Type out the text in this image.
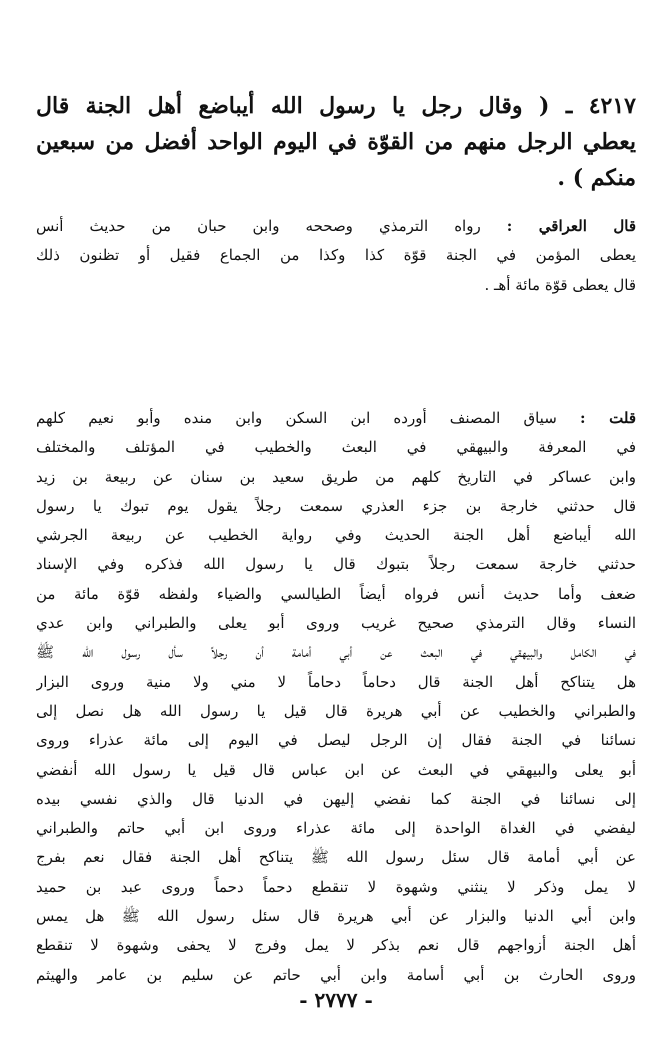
٤٢١٧ ـ ( وقال رجل يا رسول الله أيباضع أهل الجنة قال
يعطي الرجل منهم من القوّة في اليوم الواحد أفضل من سبعين
منكم ) .
قال العراقي : رواه الترمذي وصححه وابن حبان من حديث أنس
يعطى المؤمن في الجنة قوّة كذا وكذا من الجماع فقيل أو تظنون ذلك
قال يعطى قوّة مائة أهـ .
قلت : سياق المصنف أورده ابن السكن وابن منده وأبو نعيم كلهم
في المعرفة والبيهقي في البعث والخطيب في المؤتلف والمختلف
وابن عساكر في التاريخ كلهم من طريق سعيد بن سنان عن ربيعة بن زيد
قال حدثني خارجة بن جزء العذري سمعت رجلاً يقول يوم تبوك يا رسول
الله أيباضع أهل الجنة الحديث وفي رواية الخطيب عن ربيعة الجرشي
حدثني خارجة سمعت رجلاً بتبوك قال يا رسول الله فذكره وفي الإسناد
ضعف وأما حديث أنس فرواه أيضاً الطيالسي والضياء ولفظه قوّة مائة من
النساء وقال الترمذي صحيح غريب وروى أبو يعلى والطبراني وابن عدي
في الكامل والبيهقي في البعث عن أبي أمامة أن رجلاً سأل رسول الله ﷺ
هل يتناكح أهل الجنة قال دحاماً دحاماً لا مني ولا منية وروى البزار
والطبراني والخطيب عن أبي هريرة قال قيل يا رسول الله هل نصل إلى
نسائنا في الجنة فقال إن الرجل ليصل في اليوم إلى مائة عذراء وروى
أبو يعلى والبيهقي في البعث عن ابن عباس قال قيل يا رسول الله أنفضي
إلى نسائنا في الجنة كما نفضي إليهن في الدنيا قال والذي نفسي بيده
ليفضي في الغداة الواحدة إلى مائة عذراء وروى ابن أبي حاتم والطبراني
عن أبي أمامة قال سئل رسول الله ﷺ يتناكح أهل الجنة فقال نعم بفرج
لا يمل وذكر لا ينثني وشهوة لا تنقطع دحماً دحماً وروى عبد بن حميد
وابن أبي الدنيا والبزار عن أبي هريرة قال سئل رسول الله ﷺ هل يمس
أهل الجنة أزواجهم قال نعم بذكر لا يمل وفرج لا يحفى وشهوة لا تنقطع
وروى الحارث بن أبي أسامة وابن أبي حاتم عن سليم بن عامر والهيثم
- ٢٧٧٧ -
